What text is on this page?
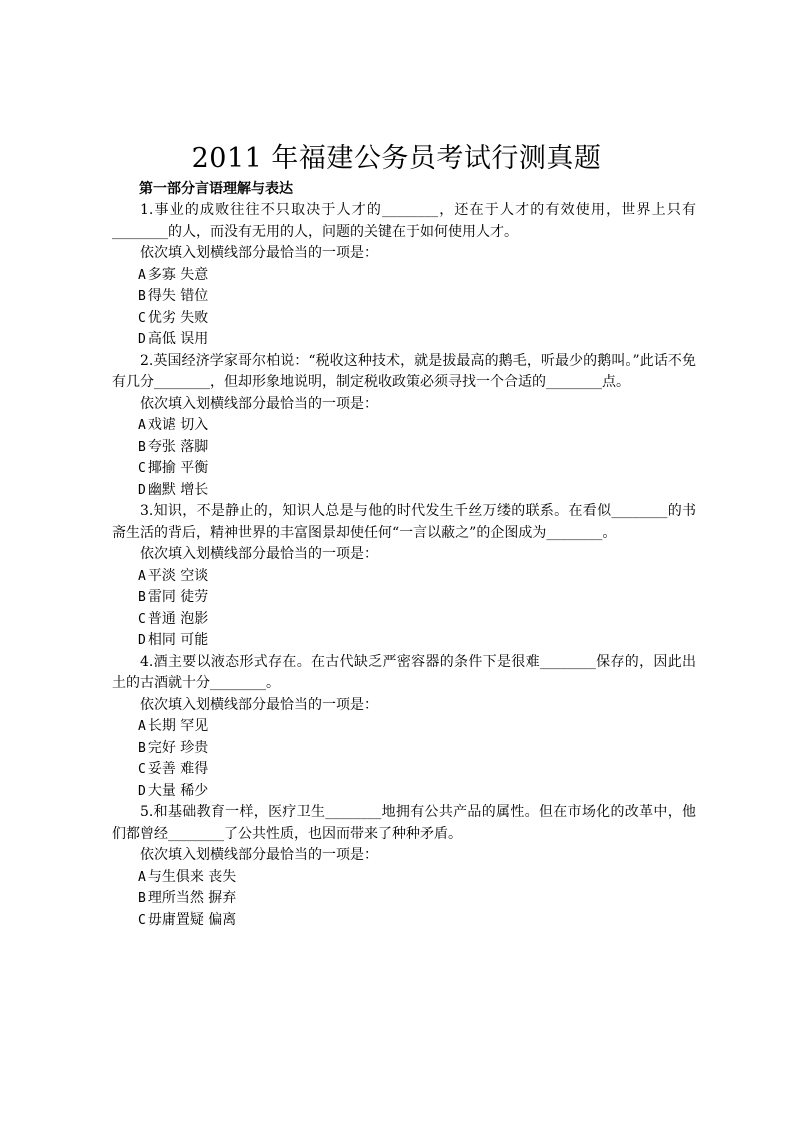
2011 年福建公务员考试行测真题
第一部分言语理解与表达

1.事业的成败往往不只取决于人才的________，还在于人才的有效使用，世界上只有________的人，而没有无用的人，问题的关键在于如何使用人才。

依次填入划横线部分最恰当的一项是：

A 多寡 失意

B 得失 错位

C 优劣 失败

D 高低 误用

2.英国经济学家哥尔柏说：“税收这种技术，就是拔最高的鹅毛，听最少的鹅叫。”此话不免有几分________，但却形象地说明，制定税收政策必须寻找一个合适的________点。

依次填入划横线部分最恰当的一项是：

A 戏谑 切入

B 夸张 落脚

C 揶揄 平衡

D 幽默 增长

3.知识，不是静止的，知识人总是与他的时代发生千丝万缕的联系。在看似________的书斋生活的背后，精神世界的丰富图景却使任何“一言以蔽之”的企图成为________。

依次填入划横线部分最恰当的一项是：

A 平淡 空谈

B 雷同 徒劳

C 普通 泡影

D 相同 可能

4.酒主要以液态形式存在。在古代缺乏严密容器的条件下是很难________保存的，因此出土的古酒就十分________。

依次填入划横线部分最恰当的一项是：

A 长期 罕见

B 完好 珍贵

C 妥善 难得

D 大量 稀少

5.和基础教育一样，医疗卫生________地拥有公共产品的属性。但在市场化的改革中，他们都曾经________了公共性质，也因而带来了种种矛盾。

依次填入划横线部分最恰当的一项是：

A 与生俱来 丧失

B 理所当然 摒弃

C 毋庸置疑 偏离
